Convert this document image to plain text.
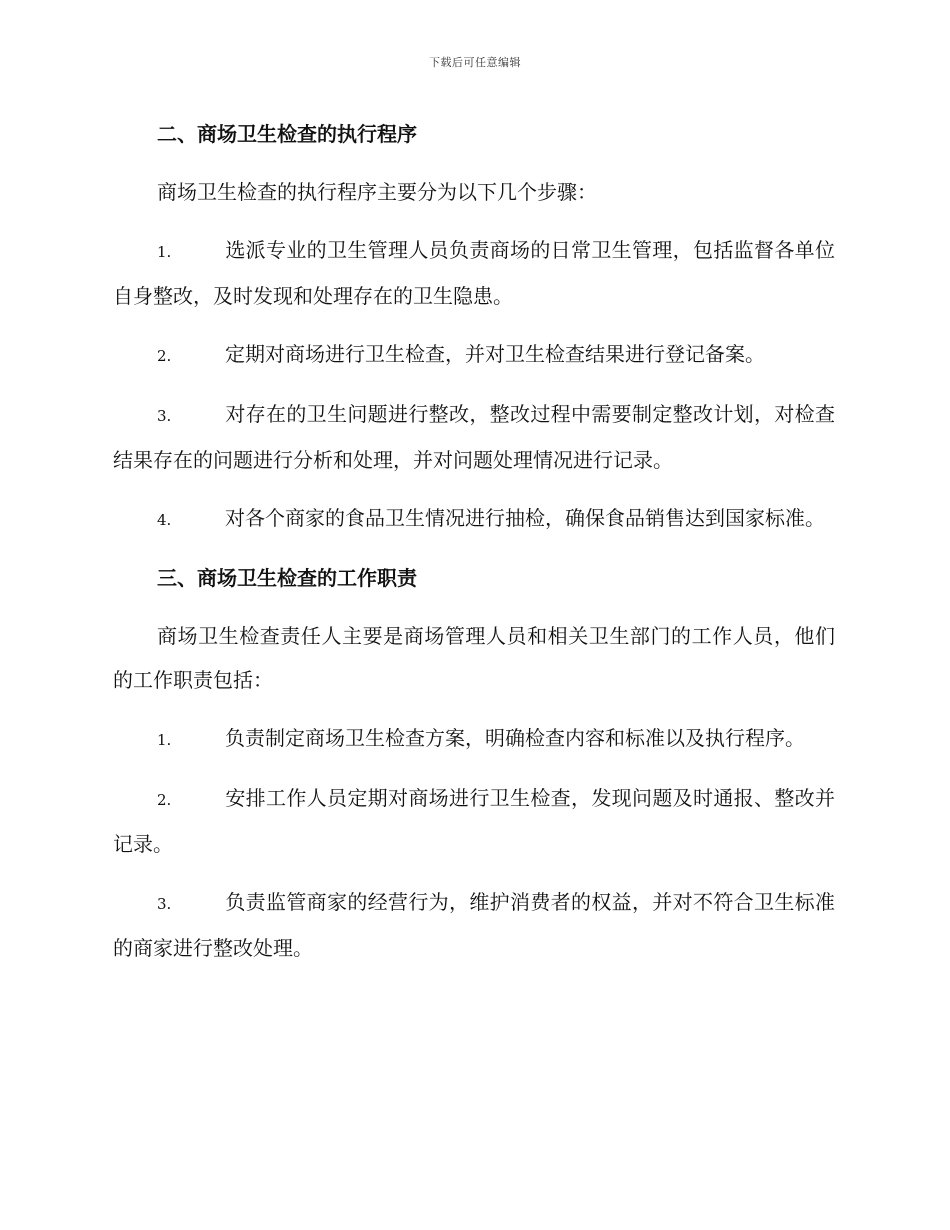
下载后可任意编辑
二、商场卫生检查的执行程序
商场卫生检查的执行程序主要分为以下几个步骤：
1.	选派专业的卫生管理人员负责商场的日常卫生管理，包括监督各单位自身整改，及时发现和处理存在的卫生隐患。
2.	定期对商场进行卫生检查，并对卫生检查结果进行登记备案。
3.	对存在的卫生问题进行整改，整改过程中需要制定整改计划，对检查结果存在的问题进行分析和处理，并对问题处理情况进行记录。
4.	对各个商家的食品卫生情况进行抽检，确保食品销售达到国家标准。
三、商场卫生检查的工作职责
商场卫生检查责任人主要是商场管理人员和相关卫生部门的工作人员，他们的工作职责包括：
1.	负责制定商场卫生检查方案，明确检查内容和标准以及执行程序。
2.	安排工作人员定期对商场进行卫生检查，发现问题及时通报、整改并记录。
3.	负责监管商家的经营行为，维护消费者的权益，并对不符合卫生标准的商家进行整改处理。
